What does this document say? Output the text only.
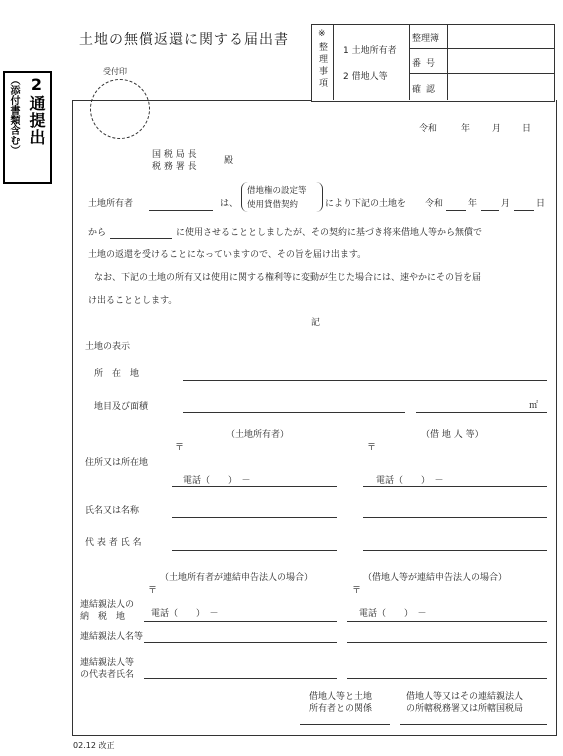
2通提出
（添付書類含む）
土地の無償返還に関する届出書
受付印
※
整理事項 1 土地所有者
2 借地人等
整理簿
番号
確認
令和	年 月 日
国 税 局 長
税 務 署 長
殿
土地所有者	は、
借地権の設定等
使用貸借契約	により下記の土地を 令和	年	月	日
から	に使用させることとしましたが、その契約に基づき将来借地人等から無償で
土地の返還を受けることになっていますので、その旨を届け出ます。
なお、下記の土地の所有又は使用に関する権利等に変動が生じた場合には、速やかにその旨を届
け出ることとします。
記
土地の表示
所　在　地
地目及び面積	㎡
（土地所有者）	（借 地 人 等）
〒	〒
住所又は所在地
電話（　　）　－	電話（　　）　－
氏名又は名称
代 表 者 氏 名
（土地所有者が連結申告法人の場合）	（借地人等が連結申告法人の場合）
〒	〒
連結親法人の
納　税　地	電話（　　）　－	電話（　　）　－
連結親法人名等
連結親法人等
の代表者氏名
借地人等と土地
所有者との関係
借地人等又はその連結親法人
の所轄税務署又は所轄国税局
02.12 改正
